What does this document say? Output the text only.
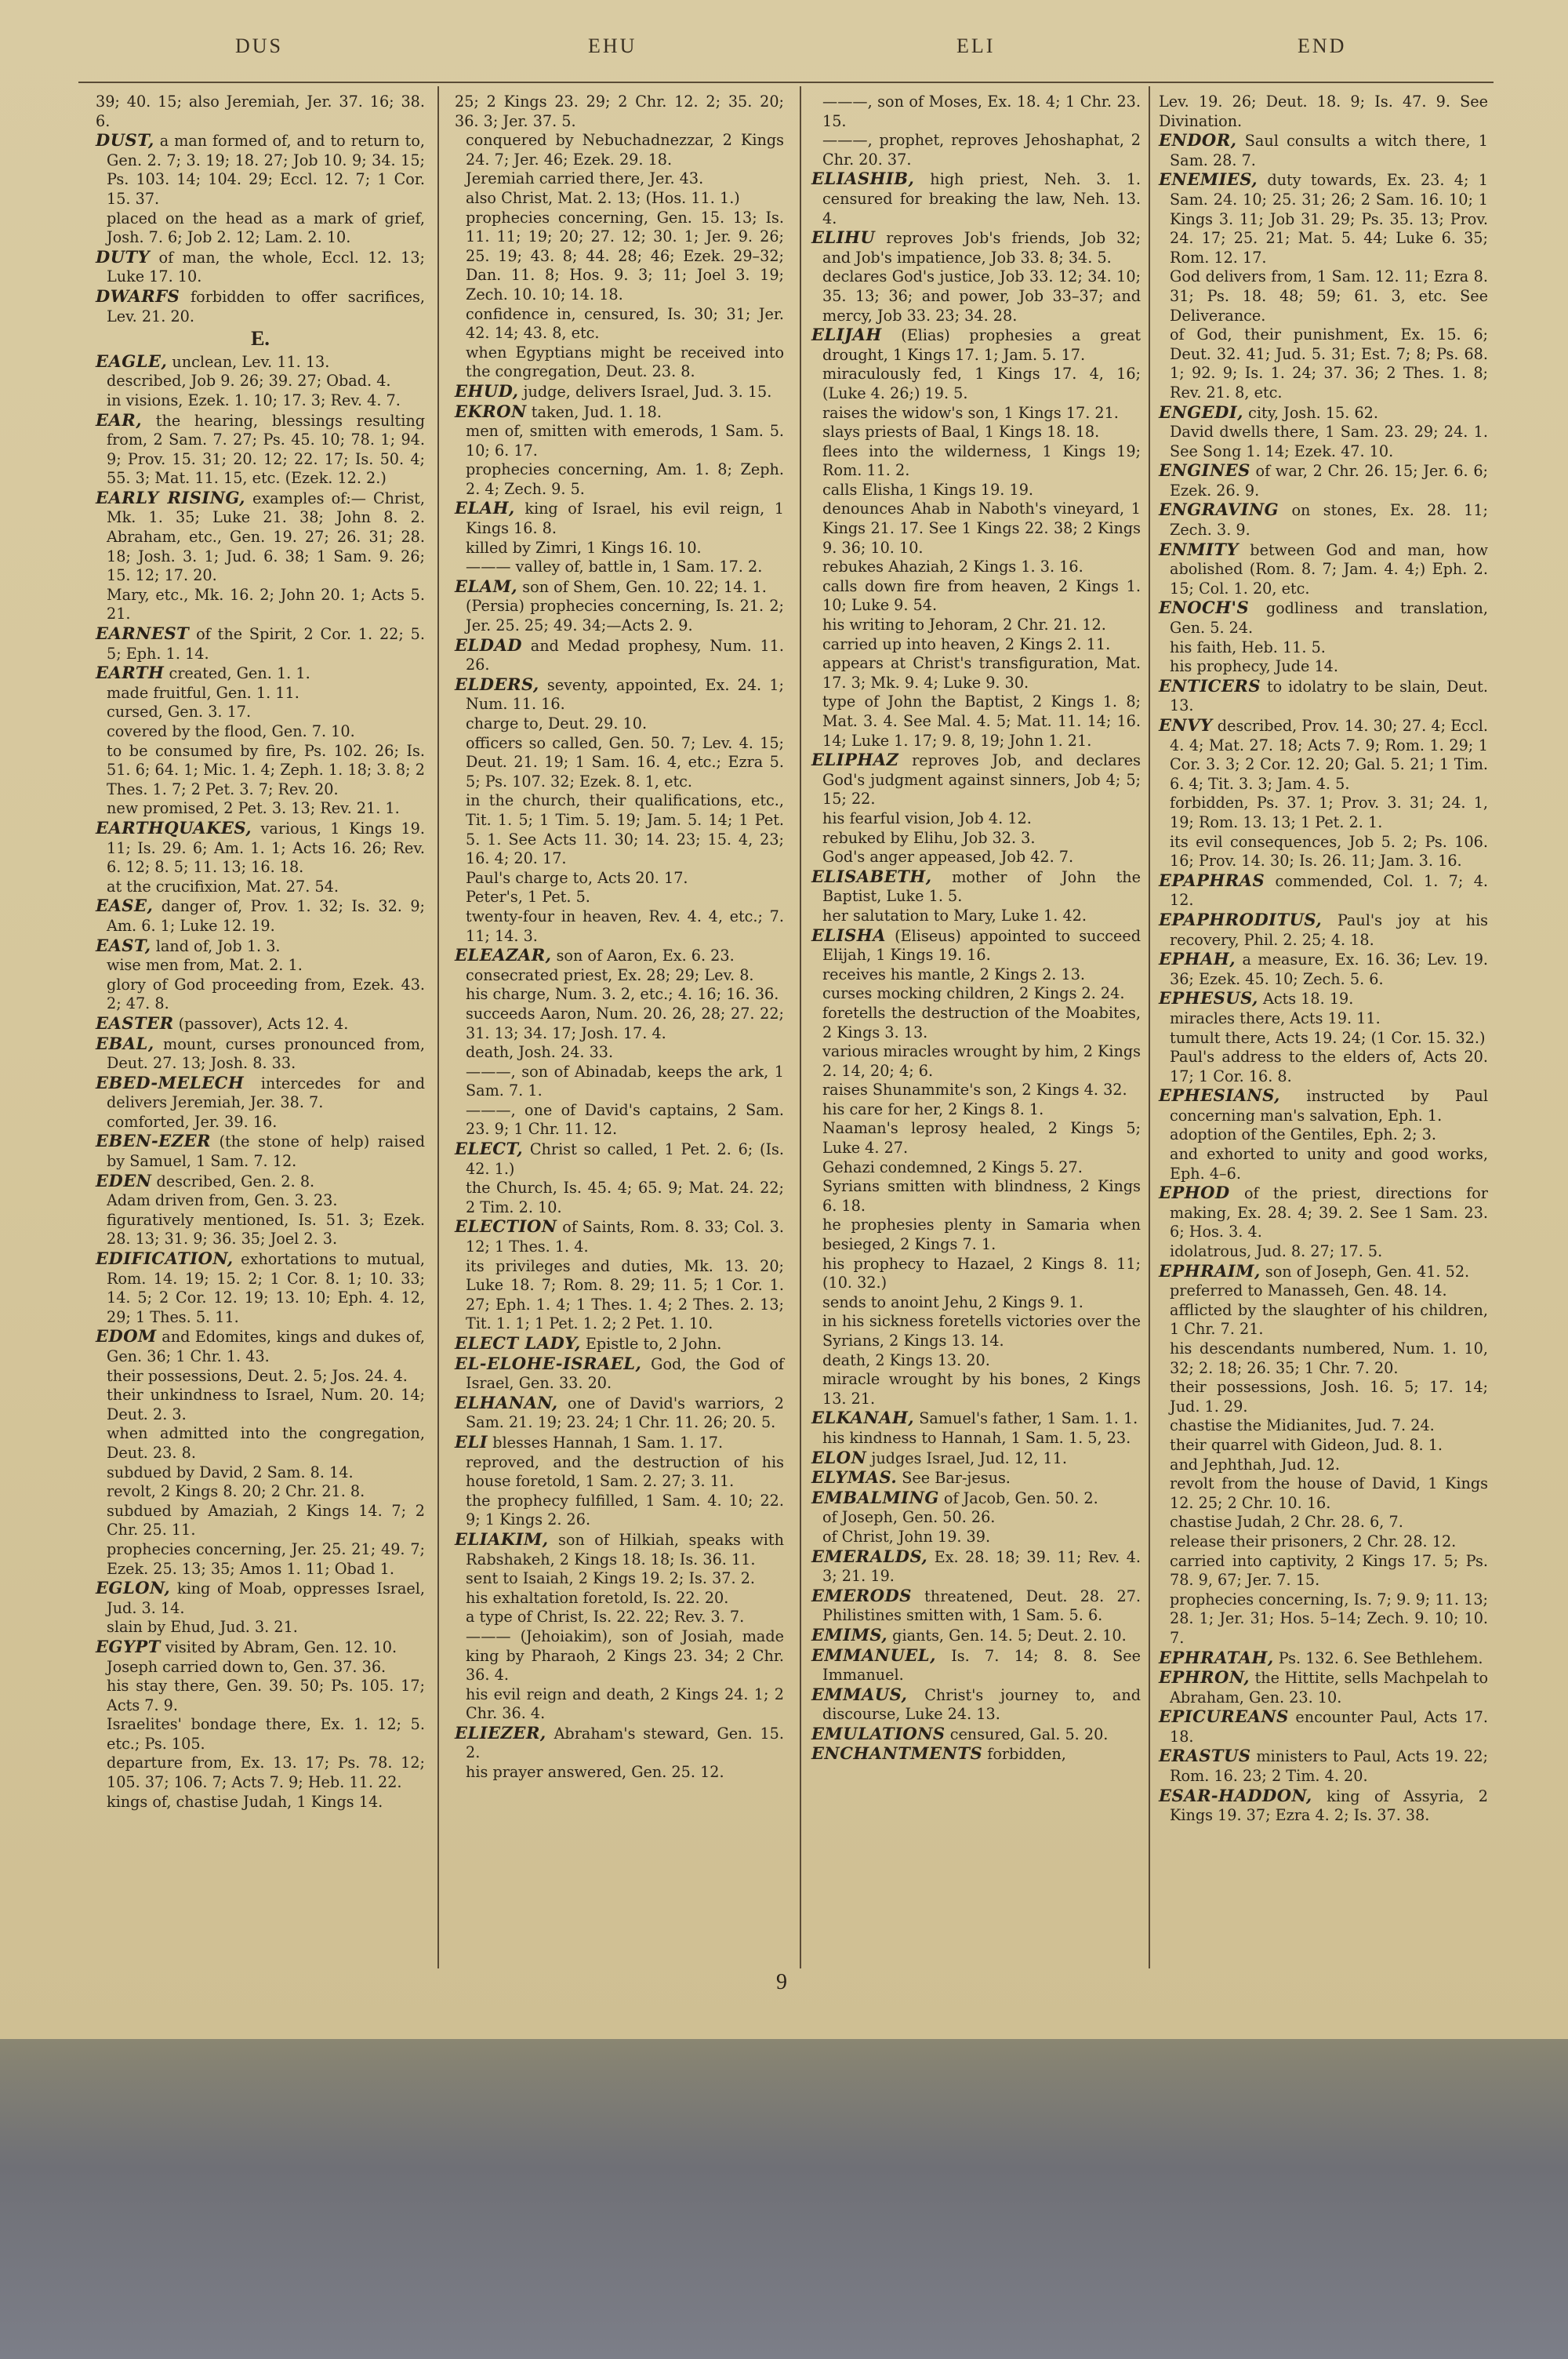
DUS	EHU	ELI	END

39; 40. 15; also Jeremiah, Jer. 37. 16; 38. 6.

DUST, a man formed of, and to return to, Gen. 2. 7; 3. 19; 18. 27; Job 10. 9; 34. 15; Ps. 103. 14; 104. 29; Eccl. 12. 7; 1 Cor. 15. 37.

placed on the head as a mark of grief, Josh. 7. 6; Job 2. 12; Lam. 2. 10.

DUTY of man, the whole, Eccl. 12. 13; Luke 17. 10.

DWARFS forbidden to offer sacrifices, Lev. 21. 20.

E.

EAGLE, unclean, Lev. 11. 13.

described, Job 9. 26; 39. 27; Obad. 4.

in visions, Ezek. 1. 10; 17. 3; Rev. 4. 7.

EAR, the hearing, blessings resulting from, 2 Sam. 7. 27; Ps. 45. 10; 78. 1; 94. 9; Prov. 15. 31; 20. 12; 22. 17; Is. 50. 4; 55. 3; Mat. 11. 15, etc. (Ezek. 12. 2.)

EARLY RISING, examples of:— Christ, Mk. 1. 35; Luke 21. 38; John 8. 2. Abraham, etc., Gen. 19. 27; 26. 31; 28. 18; Josh. 3. 1; Jud. 6. 38; 1 Sam. 9. 26; 15. 12; 17. 20.

Mary, etc., Mk. 16. 2; John 20. 1; Acts 5. 21.

EARNEST of the Spirit, 2 Cor. 1. 22; 5. 5; Eph. 1. 14.

EARTH created, Gen. 1. 1.

made fruitful, Gen. 1. 11.

cursed, Gen. 3. 17.

covered by the flood, Gen. 7. 10.

to be consumed by fire, Ps. 102. 26; Is. 51. 6; 64. 1; Mic. 1. 4; Zeph. 1. 18; 3. 8; 2 Thes. 1. 7; 2 Pet. 3. 7; Rev. 20.

new promised, 2 Pet. 3. 13; Rev. 21. 1.

EARTHQUAKES, various, 1 Kings 19. 11; Is. 29. 6; Am. 1. 1; Acts 16. 26; Rev. 6. 12; 8. 5; 11. 13; 16. 18.

at the crucifixion, Mat. 27. 54.

EASE, danger of, Prov. 1. 32; Is. 32. 9; Am. 6. 1; Luke 12. 19.

EAST, land of, Job 1. 3.

wise men from, Mat. 2. 1.

glory of God proceeding from, Ezek. 43. 2; 47. 8.

EASTER (passover), Acts 12. 4.

EBAL, mount, curses pronounced from, Deut. 27. 13; Josh. 8. 33.

EBED-MELECH intercedes for and delivers Jeremiah, Jer. 38. 7.

comforted, Jer. 39. 16.

EBEN-EZER (the stone of help) raised by Samuel, 1 Sam. 7. 12.

EDEN described, Gen. 2. 8.

Adam driven from, Gen. 3. 23.

figuratively mentioned, Is. 51. 3; Ezek. 28. 13; 31. 9; 36. 35; Joel 2. 3.

EDIFICATION, exhortations to mutual, Rom. 14. 19; 15. 2; 1 Cor. 8. 1; 10. 33; 14. 5; 2 Cor. 12. 19; 13. 10; Eph. 4. 12, 29; 1 Thes. 5. 11.

EDOM and Edomites, kings and dukes of, Gen. 36; 1 Chr. 1. 43.

their possessions, Deut. 2. 5; Jos. 24. 4.

their unkindness to Israel, Num. 20. 14; Deut. 2. 3.

when admitted into the congregation, Deut. 23. 8.

subdued by David, 2 Sam. 8. 14.

revolt, 2 Kings 8. 20; 2 Chr. 21. 8.

subdued by Amaziah, 2 Kings 14. 7; 2 Chr. 25. 11.

prophecies concerning, Jer. 25. 21; 49. 7; Ezek. 25. 13; 35; Amos 1. 11; Obad 1.

EGLON, king of Moab, oppresses Israel, Jud. 3. 14.

slain by Ehud, Jud. 3. 21.

EGYPT visited by Abram, Gen. 12. 10.

Joseph carried down to, Gen. 37. 36.

his stay there, Gen. 39. 50; Ps. 105. 17; Acts 7. 9.

Israelites' bondage there, Ex. 1. 12; 5. etc.; Ps. 105.

departure from, Ex. 13. 17; Ps. 78. 12; 105. 37; 106. 7; Acts 7. 9; Heb. 11. 22.

kings of, chastise Judah, 1 Kings 14.

25; 2 Kings 23. 29; 2 Chr. 12. 2; 35. 20; 36. 3; Jer. 37. 5.

conquered by Nebuchadnezzar, 2 Kings 24. 7; Jer. 46; Ezek. 29. 18.

Jeremiah carried there, Jer. 43.

also Christ, Mat. 2. 13; (Hos. 11. 1.)

prophecies concerning, Gen. 15. 13; Is. 11. 11; 19; 20; 27. 12; 30. 1; Jer. 9. 26; 25. 19; 43. 8; 44. 28; 46; Ezek. 29–32; Dan. 11. 8; Hos. 9. 3; 11; Joel 3. 19; Zech. 10. 10; 14. 18.

confidence in, censured, Is. 30; 31; Jer. 42. 14; 43. 8, etc.

when Egyptians might be received into the congregation, Deut. 23. 8.

EHUD, judge, delivers Israel, Jud. 3. 15.

EKRON taken, Jud. 1. 18.

men of, smitten with emerods, 1 Sam. 5. 10; 6. 17.

prophecies concerning, Am. 1. 8; Zeph. 2. 4; Zech. 9. 5.

ELAH, king of Israel, his evil reign, 1 Kings 16. 8.

killed by Zimri, 1 Kings 16. 10.

——— valley of, battle in, 1 Sam. 17. 2.

ELAM, son of Shem, Gen. 10. 22; 14. 1.

(Persia) prophecies concerning, Is. 21. 2; Jer. 25. 25; 49. 34;—Acts 2. 9.

ELDAD and Medad prophesy, Num. 11. 26.

ELDERS, seventy, appointed, Ex. 24. 1; Num. 11. 16.

charge to, Deut. 29. 10.

officers so called, Gen. 50. 7; Lev. 4. 15; Deut. 21. 19; 1 Sam. 16. 4, etc.; Ezra 5. 5; Ps. 107. 32; Ezek. 8. 1, etc.

in the church, their qualifications, etc., Tit. 1. 5; 1 Tim. 5. 19; Jam. 5. 14; 1 Pet. 5. 1. See Acts 11. 30; 14. 23; 15. 4, 23; 16. 4; 20. 17.

Paul's charge to, Acts 20. 17.

Peter's, 1 Pet. 5.

twenty-four in heaven, Rev. 4. 4, etc.; 7. 11; 14. 3.

ELEAZAR, son of Aaron, Ex. 6. 23.

consecrated priest, Ex. 28; 29; Lev. 8.

his charge, Num. 3. 2, etc.; 4. 16; 16. 36.

succeeds Aaron, Num. 20. 26, 28; 27. 22; 31. 13; 34. 17; Josh. 17. 4.

death, Josh. 24. 33.

———, son of Abinadab, keeps the ark, 1 Sam. 7. 1.

———, one of David's captains, 2 Sam. 23. 9; 1 Chr. 11. 12.

ELECT, Christ so called, 1 Pet. 2. 6; (Is. 42. 1.)

the Church, Is. 45. 4; 65. 9; Mat. 24. 22; 2 Tim. 2. 10.

ELECTION of Saints, Rom. 8. 33; Col. 3. 12; 1 Thes. 1. 4.

its privileges and duties, Mk. 13. 20; Luke 18. 7; Rom. 8. 29; 11. 5; 1 Cor. 1. 27; Eph. 1. 4; 1 Thes. 1. 4; 2 Thes. 2. 13; Tit. 1. 1; 1 Pet. 1. 2; 2 Pet. 1. 10.

ELECT LADY, Epistle to, 2 John.

EL-ELOHE-ISRAEL, God, the God of Israel, Gen. 33. 20.

ELHANAN, one of David's warriors, 2 Sam. 21. 19; 23. 24; 1 Chr. 11. 26; 20. 5.

ELI blesses Hannah, 1 Sam. 1. 17.

reproved, and the destruction of his house foretold, 1 Sam. 2. 27; 3. 11.

the prophecy fulfilled, 1 Sam. 4. 10; 22. 9; 1 Kings 2. 26.

ELIAKIM, son of Hilkiah, speaks with Rabshakeh, 2 Kings 18. 18; Is. 36. 11.

sent to Isaiah, 2 Kings 19. 2; Is. 37. 2.

his exhaltation foretold, Is. 22. 20.

a type of Christ, Is. 22. 22; Rev. 3. 7.

——— (Jehoiakim), son of Josiah, made king by Pharaoh, 2 Kings 23. 34; 2 Chr. 36. 4.

his evil reign and death, 2 Kings 24. 1; 2 Chr. 36. 4.

ELIEZER, Abraham's steward, Gen. 15. 2.

his prayer answered, Gen. 25. 12.

———, son of Moses, Ex. 18. 4; 1 Chr. 23. 15.

———, prophet, reproves Jehoshaphat, 2 Chr. 20. 37.

ELIASHIB, high priest, Neh. 3. 1. censured for breaking the law, Neh. 13. 4.

ELIHU reproves Job's friends, Job 32; and Job's impatience, Job 33. 8; 34. 5.

declares God's justice, Job 33. 12; 34. 10; 35. 13; 36; and power, Job 33–37; and mercy, Job 33. 23; 34. 28.

ELIJAH (Elias) prophesies a great drought, 1 Kings 17. 1; Jam. 5. 17.

miraculously fed, 1 Kings 17. 4, 16; (Luke 4. 26;) 19. 5.

raises the widow's son, 1 Kings 17. 21.

slays priests of Baal, 1 Kings 18. 18.

flees into the wilderness, 1 Kings 19; Rom. 11. 2.

calls Elisha, 1 Kings 19. 19.

denounces Ahab in Naboth's vineyard, 1 Kings 21. 17. See 1 Kings 22. 38; 2 Kings 9. 36; 10. 10.

rebukes Ahaziah, 2 Kings 1. 3. 16.

calls down fire from heaven, 2 Kings 1. 10; Luke 9. 54.

his writing to Jehoram, 2 Chr. 21. 12.

carried up into heaven, 2 Kings 2. 11.

appears at Christ's transfiguration, Mat. 17. 3; Mk. 9. 4; Luke 9. 30.

type of John the Baptist, 2 Kings 1. 8; Mat. 3. 4. See Mal. 4. 5; Mat. 11. 14; 16. 14; Luke 1. 17; 9. 8, 19; John 1. 21.

ELIPHAZ reproves Job, and declares God's judgment against sinners, Job 4; 5; 15; 22.

his fearful vision, Job 4. 12.

rebuked by Elihu, Job 32. 3.

God's anger appeased, Job 42. 7.

ELISABETH, mother of John the Baptist, Luke 1. 5.

her salutation to Mary, Luke 1. 42.

ELISHA (Eliseus) appointed to succeed Elijah, 1 Kings 19. 16.

receives his mantle, 2 Kings 2. 13.

curses mocking children, 2 Kings 2. 24.

foretells the destruction of the Moabites, 2 Kings 3. 13.

various miracles wrought by him, 2 Kings 2. 14, 20; 4; 6.

raises Shunammite's son, 2 Kings 4. 32.

his care for her, 2 Kings 8. 1.

Naaman's leprosy healed, 2 Kings 5; Luke 4. 27.

Gehazi condemned, 2 Kings 5. 27.

Syrians smitten with blindness, 2 Kings 6. 18.

he prophesies plenty in Samaria when besieged, 2 Kings 7. 1.

his prophecy to Hazael, 2 Kings 8. 11; (10. 32.)

sends to anoint Jehu, 2 Kings 9. 1.

in his sickness foretells victories over the Syrians, 2 Kings 13. 14.

death, 2 Kings 13. 20.

miracle wrought by his bones, 2 Kings 13. 21.

ELKANAH, Samuel's father, 1 Sam. 1. 1.

his kindness to Hannah, 1 Sam. 1. 5, 23.

ELON judges Israel, Jud. 12, 11.

ELYMAS. See Bar-jesus.

EMBALMING of Jacob, Gen. 50. 2.

of Joseph, Gen. 50. 26.

of Christ, John 19. 39.

EMERALDS, Ex. 28. 18; 39. 11; Rev. 4. 3; 21. 19.

EMERODS threatened, Deut. 28. 27. Philistines smitten with, 1 Sam. 5. 6.

EMIMS, giants, Gen. 14. 5; Deut. 2. 10.

EMMANUEL, Is. 7. 14; 8. 8. See Immanuel.

EMMAUS, Christ's journey to, and discourse, Luke 24. 13.

EMULATIONS censured, Gal. 5. 20.

ENCHANTMENTS forbidden,

Lev. 19. 26; Deut. 18. 9; Is. 47. 9. See Divination.

ENDOR, Saul consults a witch there, 1 Sam. 28. 7.

ENEMIES, duty towards, Ex. 23. 4; 1 Sam. 24. 10; 25. 31; 26; 2 Sam. 16. 10; 1 Kings 3. 11; Job 31. 29; Ps. 35. 13; Prov. 24. 17; 25. 21; Mat. 5. 44; Luke 6. 35; Rom. 12. 17.

God delivers from, 1 Sam. 12. 11; Ezra 8. 31; Ps. 18. 48; 59; 61. 3, etc. See Deliverance.

of God, their punishment, Ex. 15. 6; Deut. 32. 41; Jud. 5. 31; Est. 7; 8; Ps. 68. 1; 92. 9; Is. 1. 24; 37. 36; 2 Thes. 1. 8; Rev. 21. 8, etc.

ENGEDI, city, Josh. 15. 62.

David dwells there, 1 Sam. 23. 29; 24. 1. See Song 1. 14; Ezek. 47. 10.

ENGINES of war, 2 Chr. 26. 15; Jer. 6. 6; Ezek. 26. 9.

ENGRAVING on stones, Ex. 28. 11; Zech. 3. 9.

ENMITY between God and man, how abolished (Rom. 8. 7; Jam. 4. 4;) Eph. 2. 15; Col. 1. 20, etc.

ENOCH'S godliness and translation, Gen. 5. 24.

his faith, Heb. 11. 5.

his prophecy, Jude 14.

ENTICERS to idolatry to be slain, Deut. 13.

ENVY described, Prov. 14. 30; 27. 4; Eccl. 4. 4; Mat. 27. 18; Acts 7. 9; Rom. 1. 29; 1 Cor. 3. 3; 2 Cor. 12. 20; Gal. 5. 21; 1 Tim. 6. 4; Tit. 3. 3; Jam. 4. 5.

forbidden, Ps. 37. 1; Prov. 3. 31; 24. 1, 19; Rom. 13. 13; 1 Pet. 2. 1.

its evil consequences, Job 5. 2; Ps. 106. 16; Prov. 14. 30; Is. 26. 11; Jam. 3. 16.

EPAPHRAS commended, Col. 1. 7; 4. 12.

EPAPHRODITUS, Paul's joy at his recovery, Phil. 2. 25; 4. 18.

EPHAH, a measure, Ex. 16. 36; Lev. 19. 36; Ezek. 45. 10; Zech. 5. 6.

EPHESUS, Acts 18. 19.

miracles there, Acts 19. 11.

tumult there, Acts 19. 24; (1 Cor. 15. 32.)

Paul's address to the elders of, Acts 20. 17; 1 Cor. 16. 8.

EPHESIANS, instructed by Paul concerning man's salvation, Eph. 1.

adoption of the Gentiles, Eph. 2; 3.

and exhorted to unity and good works, Eph. 4–6.

EPHOD of the priest, directions for making, Ex. 28. 4; 39. 2. See 1 Sam. 23. 6; Hos. 3. 4.

idolatrous, Jud. 8. 27; 17. 5.

EPHRAIM, son of Joseph, Gen. 41. 52.

preferred to Manasseh, Gen. 48. 14.

afflicted by the slaughter of his children, 1 Chr. 7. 21.

his descendants numbered, Num. 1. 10, 32; 2. 18; 26. 35; 1 Chr. 7. 20.

their possessions, Josh. 16. 5; 17. 14; Jud. 1. 29.

chastise the Midianites, Jud. 7. 24.

their quarrel with Gideon, Jud. 8. 1.

and Jephthah, Jud. 12.

revolt from the house of David, 1 Kings 12. 25; 2 Chr. 10. 16.

chastise Judah, 2 Chr. 28. 6, 7.

release their prisoners, 2 Chr. 28. 12.

carried into captivity, 2 Kings 17. 5; Ps. 78. 9, 67; Jer. 7. 15.

prophecies concerning, Is. 7; 9. 9; 11. 13; 28. 1; Jer. 31; Hos. 5–14; Zech. 9. 10; 10. 7.

EPHRATAH, Ps. 132. 6. See Bethlehem.

EPHRON, the Hittite, sells Machpelah to Abraham, Gen. 23. 10.

EPICUREANS encounter Paul, Acts 17. 18.

ERASTUS ministers to Paul, Acts 19. 22; Rom. 16. 23; 2 Tim. 4. 20.

ESAR-HADDON, king of Assyria, 2 Kings 19. 37; Ezra 4. 2; Is. 37. 38.

9
